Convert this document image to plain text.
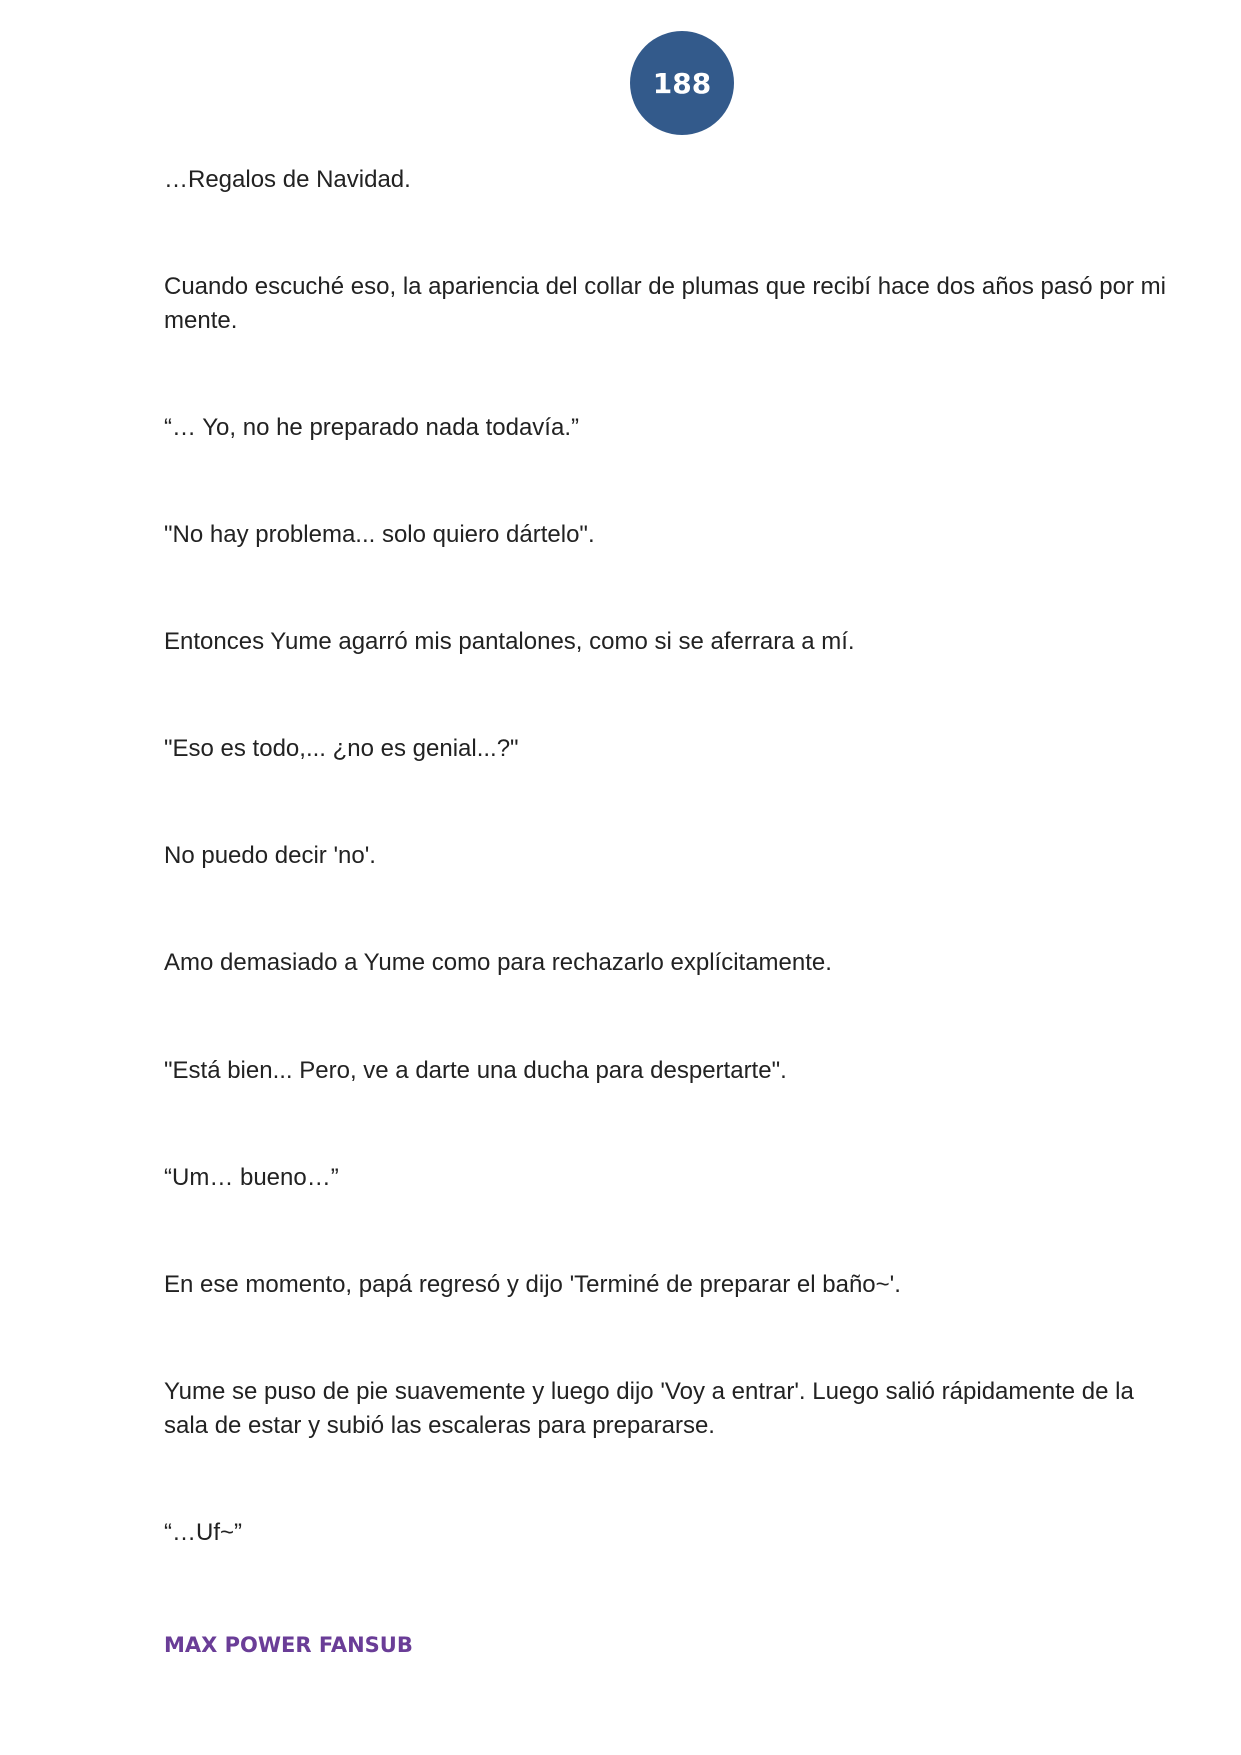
188

…Regalos de Navidad.

Cuando escuché eso, la apariencia del collar de plumas que recibí hace dos años pasó por mi mente.

“… Yo, no he preparado nada todavía.”

"No hay problema... solo quiero dártelo".

Entonces Yume agarró mis pantalones, como si se aferrara a mí.

"Eso es todo,... ¿no es genial...?"

No puedo decir 'no'.

Amo demasiado a Yume como para rechazarlo explícitamente.

"Está bien... Pero, ve a darte una ducha para despertarte".

“Um… bueno…”

En ese momento, papá regresó y dijo 'Terminé de preparar el baño~'.

Yume se puso de pie suavemente y luego dijo 'Voy a entrar'. Luego salió rápidamente de la sala de estar y subió las escaleras para prepararse.

“…Uf~”

MAX POWER FANSUB
